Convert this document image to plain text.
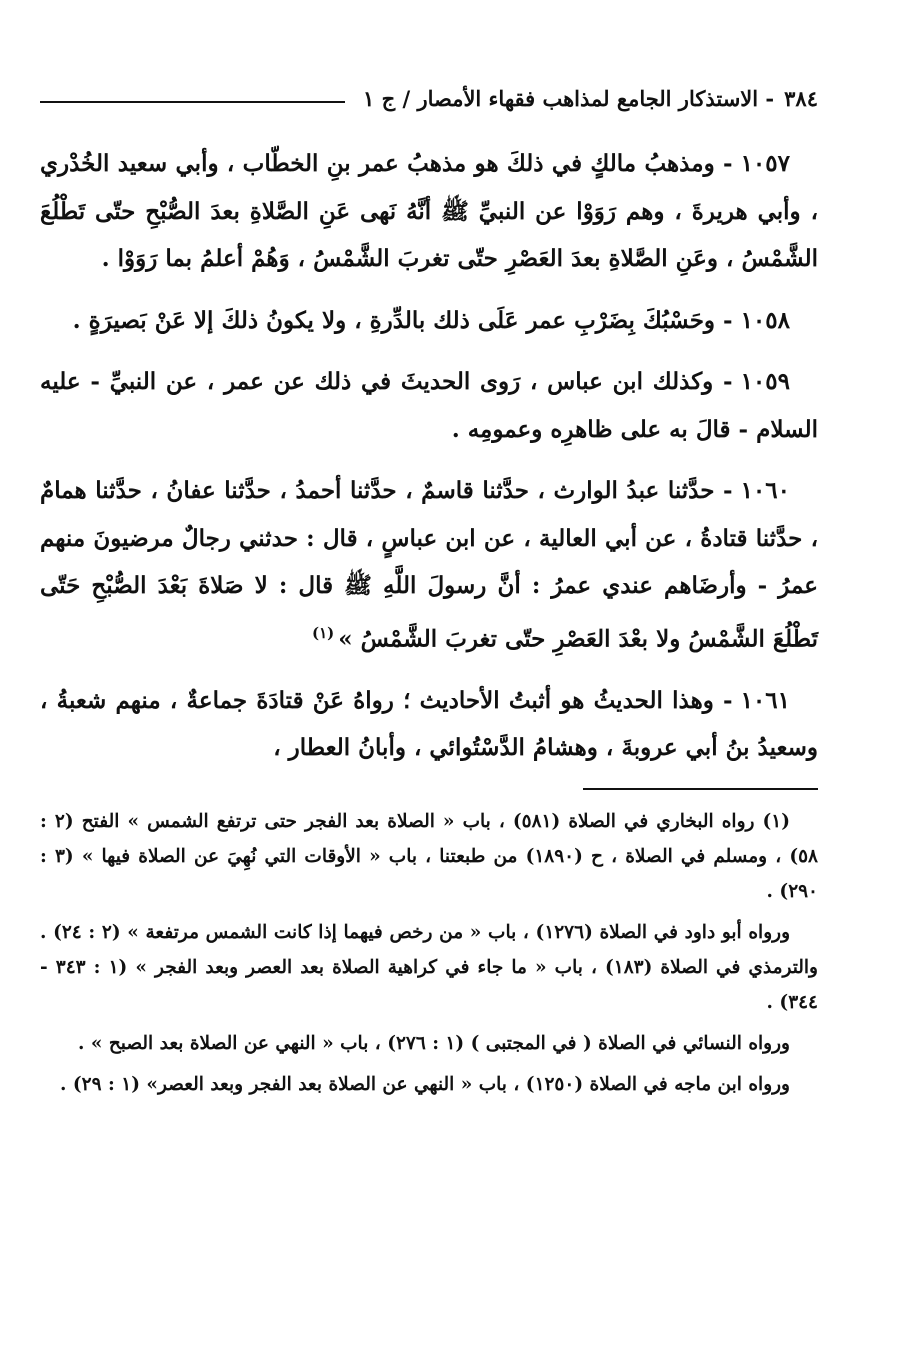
٣٨٤
- الاستذكار الجامع لمذاهب فقهاء الأمصار / ج ١

١٠٥٧- ومذهبُ مالكٍ في ذلكَ هو مذهبُ عمر بنِ الخطّاب ، وأبي سعيد الخُدْري ، وأبي هريرةَ ، وهم رَوَوْا عن النبيِّ ﷺ أنَّهُ نَهى عَنِ الصَّلاةِ بعدَ الصُّبْحِ حتّى تَطْلُعَ الشَّمْسُ ، وعَنِ الصَّلاةِ بعدَ العَصْرِ حتّى تغربَ الشَّمْسُ ، وَهُمْ أعلمُ بما رَوَوْا .

١٠٥٨- وحَسْبُكَ بِضَرْبِ عمر عَلَى ذلك بالدِّرةِ ، ولا يكونُ ذلكَ إلا عَنْ بَصيرَةٍ .

١٠٥٩- وكذلك ابن عباس ، رَوى الحديثَ في ذلك عن عمر ، عن النبيِّ - عليه السلام - قالَ به على ظاهرِه وعمومِه .

١٠٦٠- حدَّثنا عبدُ الوارث ، حدَّثنا قاسمٌ ، حدَّثنا أحمدُ ، حدَّثنا عفانُ ، حدَّثنا همامٌ ، حدَّثنا قتادةُ ، عن أبي العالية ، عن ابن عباسٍ ، قال : حدثني رجالٌ مرضيونَ منهم عمرُ - وأرضَاهم عندي عمرُ : أنَّ رسولَ اللَّهِ ﷺ قال : لا صَلاةَ بَعْدَ الصُّبْحِ حَتّى تَطْلُعَ الشَّمْسُ ولا بعْدَ العَصْرِ حتّى تغربَ الشَّمْسُ »$^{(١)}$

١٠٦١- وهذا الحديثُ هو أثبتُ الأحاديث ؛ رواهُ عَنْ قتادَةَ جماعةٌ ، منهم شعبةُ ، وسعيدُ بنُ أبي عروبةَ ، وهشامُ الدَّسْتُوائي ، وأبانُ العطار ،

(١) رواه البخاري في الصلاة (٥٨١) ، باب « الصلاة بعد الفجر حتى ترتفع الشمس » الفتح (٢ : ٥٨) ، ومسلم في الصلاة ، ح (١٨٩٠) من طبعتنا ، باب « الأوقات التي نُهِيَ عن الصلاة فيها » (٣ : ٢٩٠) .

ورواه أبو داود في الصلاة (١٢٧٦) ، باب « من رخص فيهما إذا كانت الشمس مرتفعة » (٢ : ٢٤) . والترمذي في الصلاة (١٨٣) ، باب « ما جاء في كراهية الصلاة بعد العصر وبعد الفجر » (١ : ٣٤٣ - ٣٤٤) .

ورواه النسائي في الصلاة ( في المجتبى ) (١ : ٢٧٦) ، باب « النهي عن الصلاة بعد الصبح » .

ورواه ابن ماجه في الصلاة (١٢٥٠) ، باب « النهي عن الصلاة بعد الفجر وبعد العصر» (١ : ٢٩) .
